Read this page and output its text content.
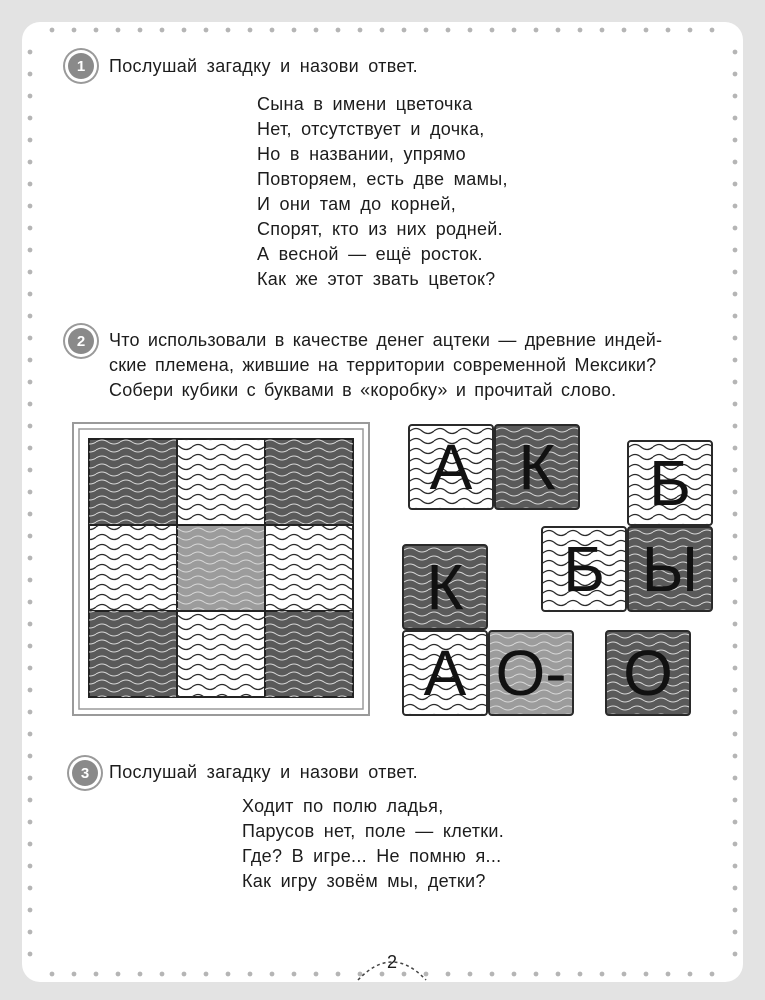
1	Послушай загадку и назови ответ.
Сына в имени цветочка
Нет, отсутствует и дочка,
Но в названии, упрямо
Повторяем, есть две мамы,
И они там до корней,
Спорят, кто из них родней.
А весной — ещё росток.
Как же этот звать цветок?
2	Что использовали в качестве денег ацтеки — древние индей-
ские племена, жившие на территории современной Мексики?
Собери кубики с буквами в «коробку» и прочитай слово.
А К	Б
Б Ы
К
А О- О
3	Послушай загадку и назови ответ.
Ходит по полю ладья,
Парусов нет, поле — клетки.
Где? В игре... Не помню я...
Как игру зовём мы, детки?
2
